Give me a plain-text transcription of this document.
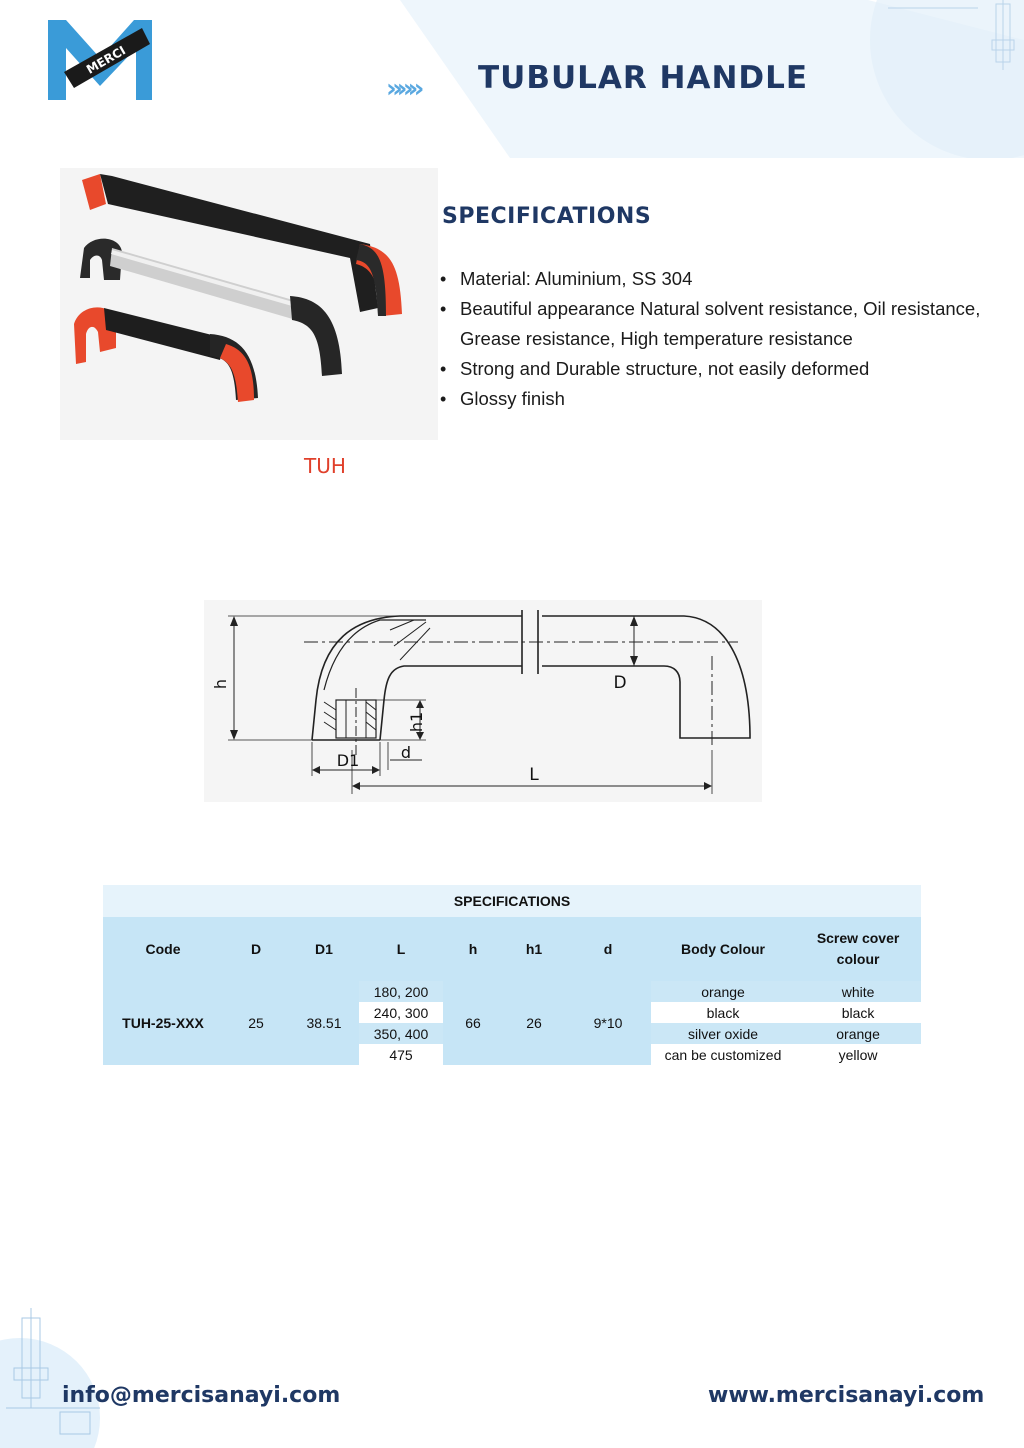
MERCI
»»» TUBULAR HANDLE
TUH
SPECIFICATIONS
• Material: Aluminium, SS 304
• Beautiful appearance Natural solvent resistance, Oil resistance, Grease resistance, High temperature resistance
• Strong and Durable structure, not easily deformed
• Glossy finish
h
h1
D
D1	d
L
SPECIFICATIONS								
Code	D	D1	L	h	h1	d	Body Colour	Screw cover colour
TUH-25-XXX	25	38.51	180, 200	66	26	9*10	orange	white
			240, 300				black	black
			350, 400				silver oxide	orange
			475				can be customized	yellow
info@mercisanayi.com	www.mercisanayi.com
